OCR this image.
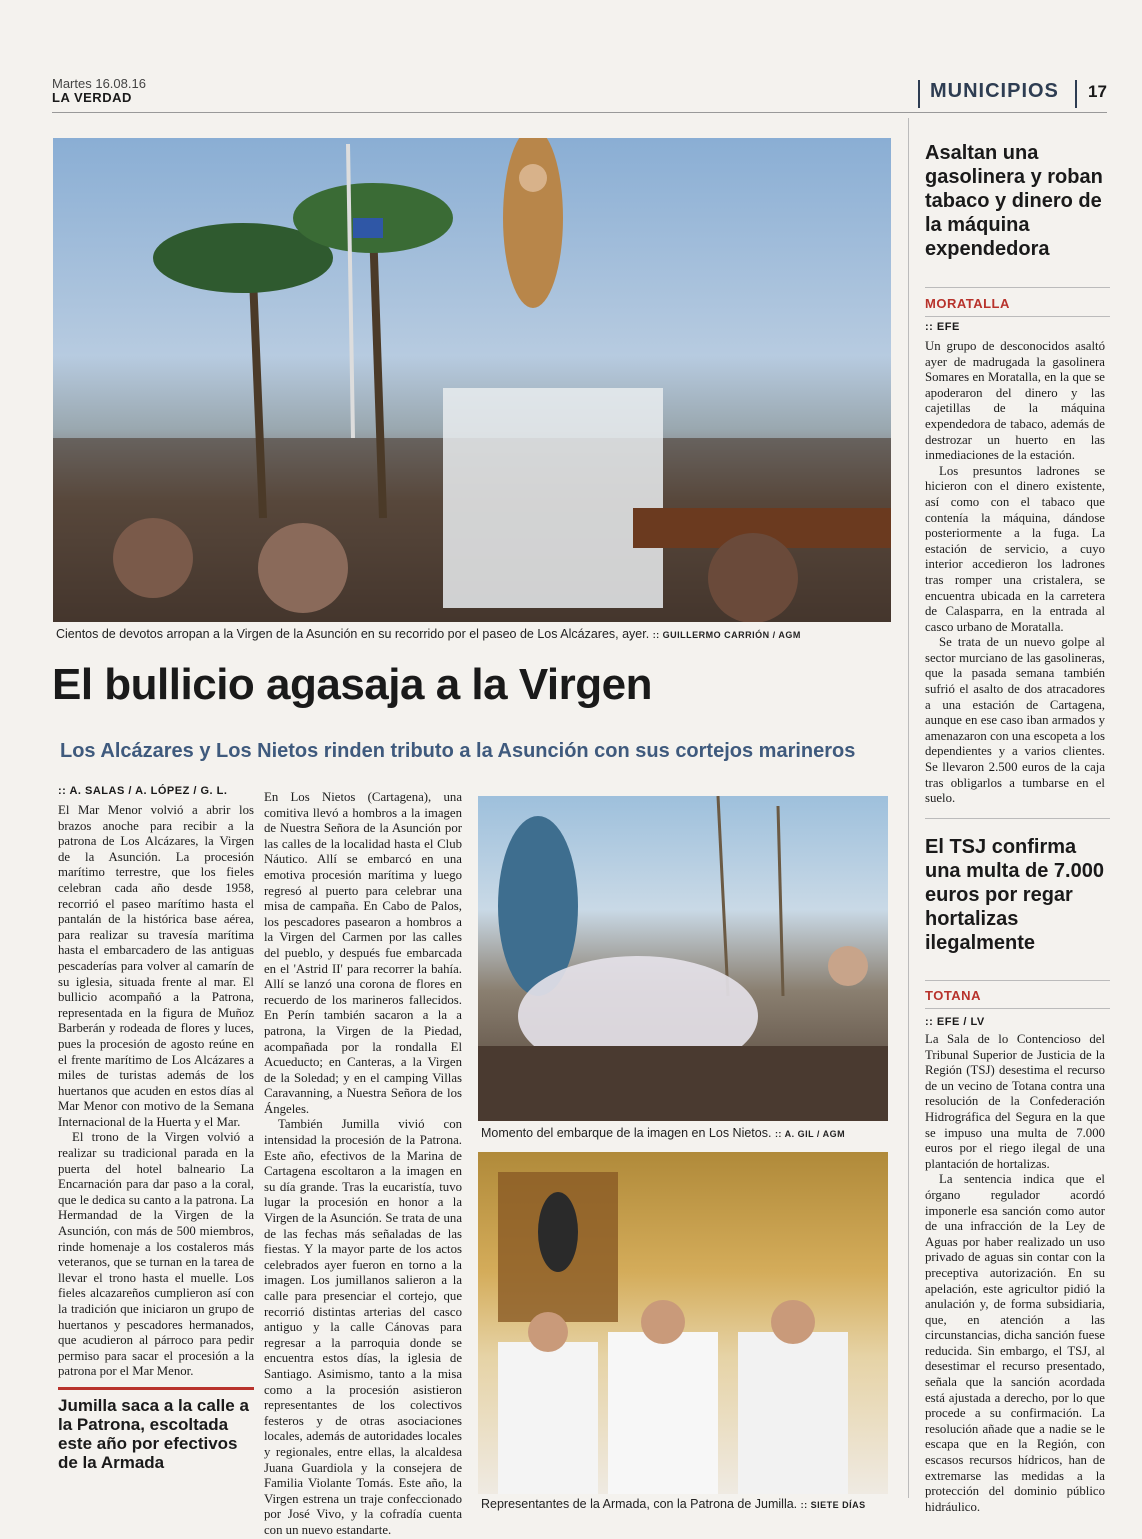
Martes 16.08.16
LA VERDAD	MUNICIPIOS 17
Cientos de devotos arropan a la Virgen de la Asunción en su recorrido por el paseo de Los Alcázares, ayer. :: GUILLERMO CARRIÓN / AGM
El bullicio agasaja a la Virgen
Los Alcázares y Los Nietos rinden tributo a la Asunción con sus cortejos marineros
:: A. SALAS / A. LÓPEZ / G. L.

El Mar Menor volvió a abrir los brazos anoche para recibir a la patrona de Los Alcázares, la Virgen de la Asunción. La procesión marítimo terrestre, que los fieles celebran cada año desde 1958, recorrió el paseo marítimo hasta el pantalán de la histórica base aérea, para realizar su travesía marítima hasta el embarcadero de las antiguas pescaderías para volver al camarín de su iglesia, situada frente al mar. El bullicio acompañó a la Patrona, representada en la figura de Muñoz Barberán y rodeada de flores y luces, pues la procesión de agosto reúne en el frente marítimo de Los Alcázares a miles de turistas además de los huertanos que acuden en estos días al Mar Menor con motivo de la Semana Internacional de la Huerta y el Mar.

El trono de la Virgen volvió a realizar su tradicional parada en la puerta del hotel balneario La Encarnación para dar paso a la coral, que le dedica su canto a la patrona. La Hermandad de la Virgen de la Asunción, con más de 500 miembros, rinde homenaje a los costaleros más veteranos, que se turnan en la tarea de llevar el trono hasta el muelle. Los fieles alcazareños cumplieron así con la tradición que iniciaron un grupo de huertanos y pescadores hermanados, que acudieron al párroco para pedir permiso para sacar el procesión a la patrona por el Mar Menor.

Jumilla saca a la calle a la Patrona, escoltada este año por efectivos de la Armada

En Los Nietos (Cartagena), una comitiva llevó a hombros a la imagen de Nuestra Señora de la Asunción por las calles de la localidad hasta el Club Náutico. Allí se embarcó en una emotiva procesión marítima y luego regresó al puerto para celebrar una misa de campaña. En Cabo de Palos, los pescadores pasearon a hombros a la Virgen del Carmen por las calles del pueblo, y después fue embarcada en el 'Astrid II' para recorrer la bahía. Allí se lanzó una corona de flores en recuerdo de los marineros fallecidos. En Perín también sacaron a la a patrona, la Virgen de la Piedad, acompañada por la rondalla El Acueducto; en Canteras, a la Virgen de la Soledad; y en el camping Villas Caravanning, a Nuestra Señora de los Ángeles.

También Jumilla vivió con intensidad la procesión de la Patrona. Este año, efectivos de la Marina de Cartagena escoltaron a la imagen en su día grande. Tras la eucaristía, tuvo lugar la procesión en honor a la Virgen de la Asunción. Se trata de una de las fechas más señaladas de las fiestas. Y la mayor parte de los actos celebrados ayer fueron en torno a la imagen. Los jumillanos salieron a la calle para presenciar el cortejo, que recorrió distintas arterias del casco antiguo y la calle Cánovas para regresar a la parroquia donde se encuentra estos días, la iglesia de Santiago. Asimismo, tanto a la misa como a la procesión asistieron representantes de los colectivos festeros y de otras asociaciones locales, además de autoridades locales y regionales, entre ellas, la alcaldesa Juana Guardiola y la consejera de Familia Violante Tomás. Este año, la Virgen estrena un traje confeccionado por José Vivo, y la cofradía cuenta con un nuevo estandarte.

Momento del embarque de la imagen en Los Nietos. :: A. GIL / AGM
Representantes de la Armada, con la Patrona de Jumilla. :: SIETE DÍAS
Asaltan una gasolinera y roban tabaco y dinero de la máquina expendedora
MORATALLA
:: EFE

Un grupo de desconocidos asaltó ayer de madrugada la gasolinera Somares en Moratalla, en la que se apoderaron del dinero y las cajetillas de la máquina expendedora de tabaco, además de destrozar un huerto en las inmediaciones de la estación.

Los presuntos ladrones se hicieron con el dinero existente, así como con el tabaco que contenía la máquina, dándose posteriormente a la fuga. La estación de servicio, a cuyo interior accedieron los ladrones tras romper una cristalera, se encuentra ubicada en la carretera de Calasparra, en la entrada al casco urbano de Moratalla.

Se trata de un nuevo golpe al sector murciano de las gasolineras, que la pasada semana también sufrió el asalto de dos atracadores a una estación de Cartagena, aunque en ese caso iban armados y amenazaron con una escopeta a los dependientes y a varios clientes. Se llevaron 2.500 euros de la caja tras obligarlos a tumbarse en el suelo.

El TSJ confirma una multa de 7.000 euros por regar hortalizas ilegalmente
TOTANA
:: EFE / LV

La Sala de lo Contencioso del Tribunal Superior de Justicia de la Región (TSJ) desestima el recurso de un vecino de Totana contra una resolución de la Confederación Hidrográfica del Segura en la que se impuso una multa de 7.000 euros por el riego ilegal de una plantación de hortalizas.

La sentencia indica que el órgano regulador acordó imponerle esa sanción como autor de una infracción de la Ley de Aguas por haber realizado un uso privado de aguas sin contar con la preceptiva autorización. En su apelación, este agricultor pidió la anulación y, de forma subsidiaria, que, en atención a las circunstancias, dicha sanción fuese reducida. Sin embargo, el TSJ, al desestimar el recurso presentado, señala que la sanción acordada está ajustada a derecho, por lo que procede a su confirmación. La resolución añade que a nadie se le escapa que en la Región, con escasos recursos hídricos, han de extremarse las medidas a la protección del dominio público hidráulico.
